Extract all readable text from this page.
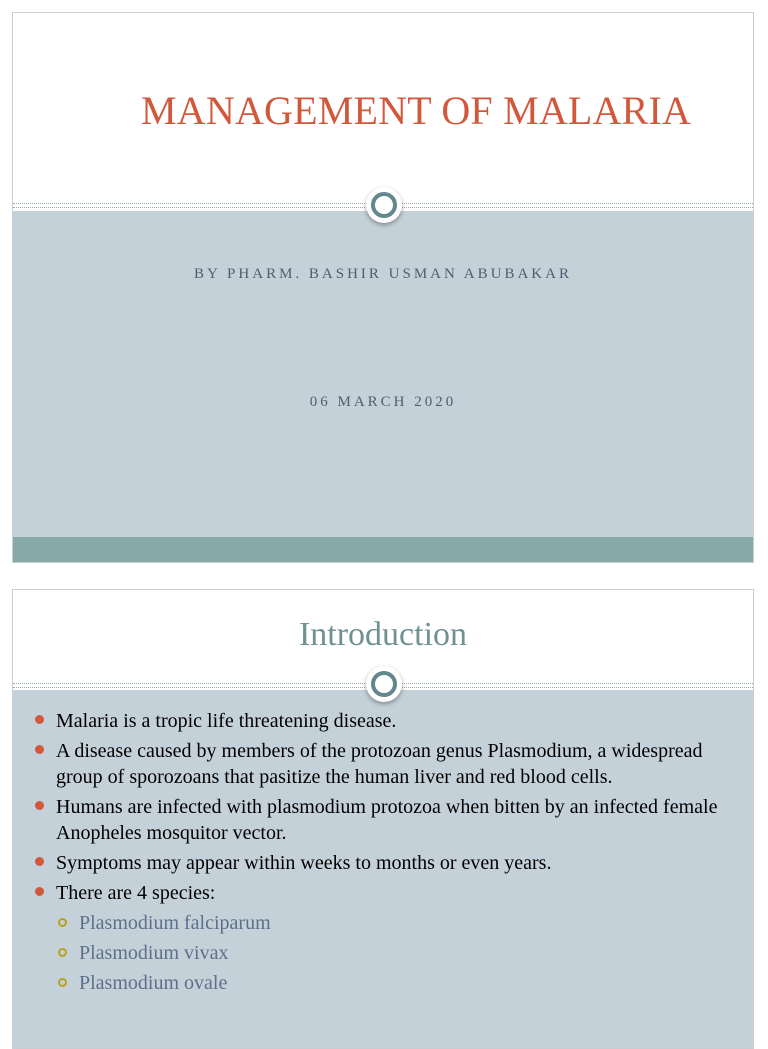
MANAGEMENT OF MALARIA
BY PHARM. BASHIR USMAN ABUBAKAR
06 MARCH 2020
Introduction
Malaria is a tropic life threatening disease.
A disease caused by members of the protozoan genus Plasmodium, a widespread group of sporozoans that pasitize the human liver and red blood cells.
Humans are infected with plasmodium protozoa when bitten by an infected female Anopheles mosquitor vector.
Symptoms may appear within weeks to months or even years.
There are 4 species:
Plasmodium falciparum
Plasmodium vivax
Plasmodium ovale
